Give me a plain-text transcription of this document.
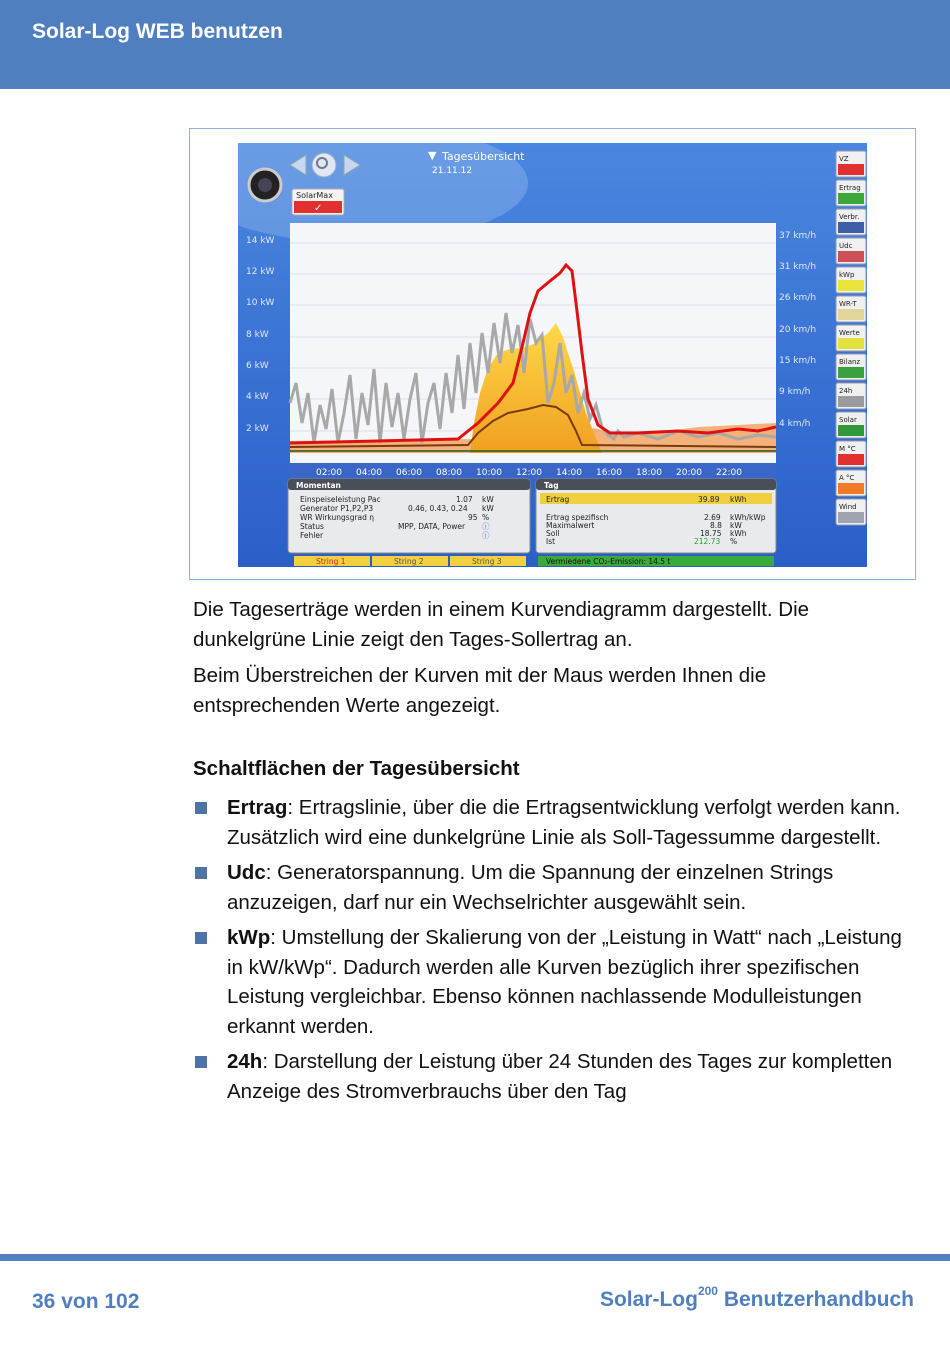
Solar-Log WEB benutzen
SolarMax
✓
▼ Tagesübersicht
21.11.12
14 kW
12 kW
10 kW
8 kW
6 kW
4 kW
2 kW
37 km/h
31 km/h
26 km/h
20 km/h
15 km/h
9 km/h
4 km/h
02:00 04:00 06:00 08:00 10:00 12:00 14:00 16:00 18:00 20:00 22:00
VZ
Ertrag
Verbr.
Udc
kWp
WR-T
Werte
Bilanz
24h
Solar
M °C
A °C
Wind
Momentan
Einspeiseleistung Pac	1.07 kW
Generator P1,P2,P3	0.46, 0.43, 0.24 kW
WR Wirkungsgrad η	95 %
Status	MPP, DATA, Power ⓘ
Fehler	ⓘ
Tag
Ertrag	39.89 kWh
Ertrag spezifisch	2.69 kWh/kWp
Maximalwert	8.8 kW
Soll	18.75 kWh
Ist	212.73 %
String 1	String 2	String 3	Vermiedene CO₂-Emission: 14.5 t

Die Tageserträge werden in einem Kurvendiagramm dargestellt. Die dunkelgrüne Linie zeigt den Tages-Sollertrag an.

Beim Überstreichen der Kurven mit der Maus werden Ihnen die entsprechenden Werte angezeigt.

Schaltflächen der Tagesübersicht
Ertrag: Ertragslinie, über die die Ertragsentwicklung verfolgt werden kann. Zusätzlich wird eine dunkelgrüne Linie als Soll-Tagessumme dargestellt.
Udc: Generatorspannung. Um die Spannung der einzelnen Strings anzuzeigen, darf nur ein Wechselrichter ausgewählt sein.
kWp: Umstellung der Skalierung von der „Leistung in Watt“ nach „Leistung in kW/kWp“. Dadurch werden alle Kurven bezüglich ihrer spezifischen Leistung vergleichbar. Ebenso können nachlassende Modulleistungen erkannt werden.
24h: Darstellung der Leistung über 24 Stunden des Tages zur kompletten Anzeige des Stromverbrauchs über den Tag
36 von 102	Solar-Log$^{200}$ Benutzerhandbuch
